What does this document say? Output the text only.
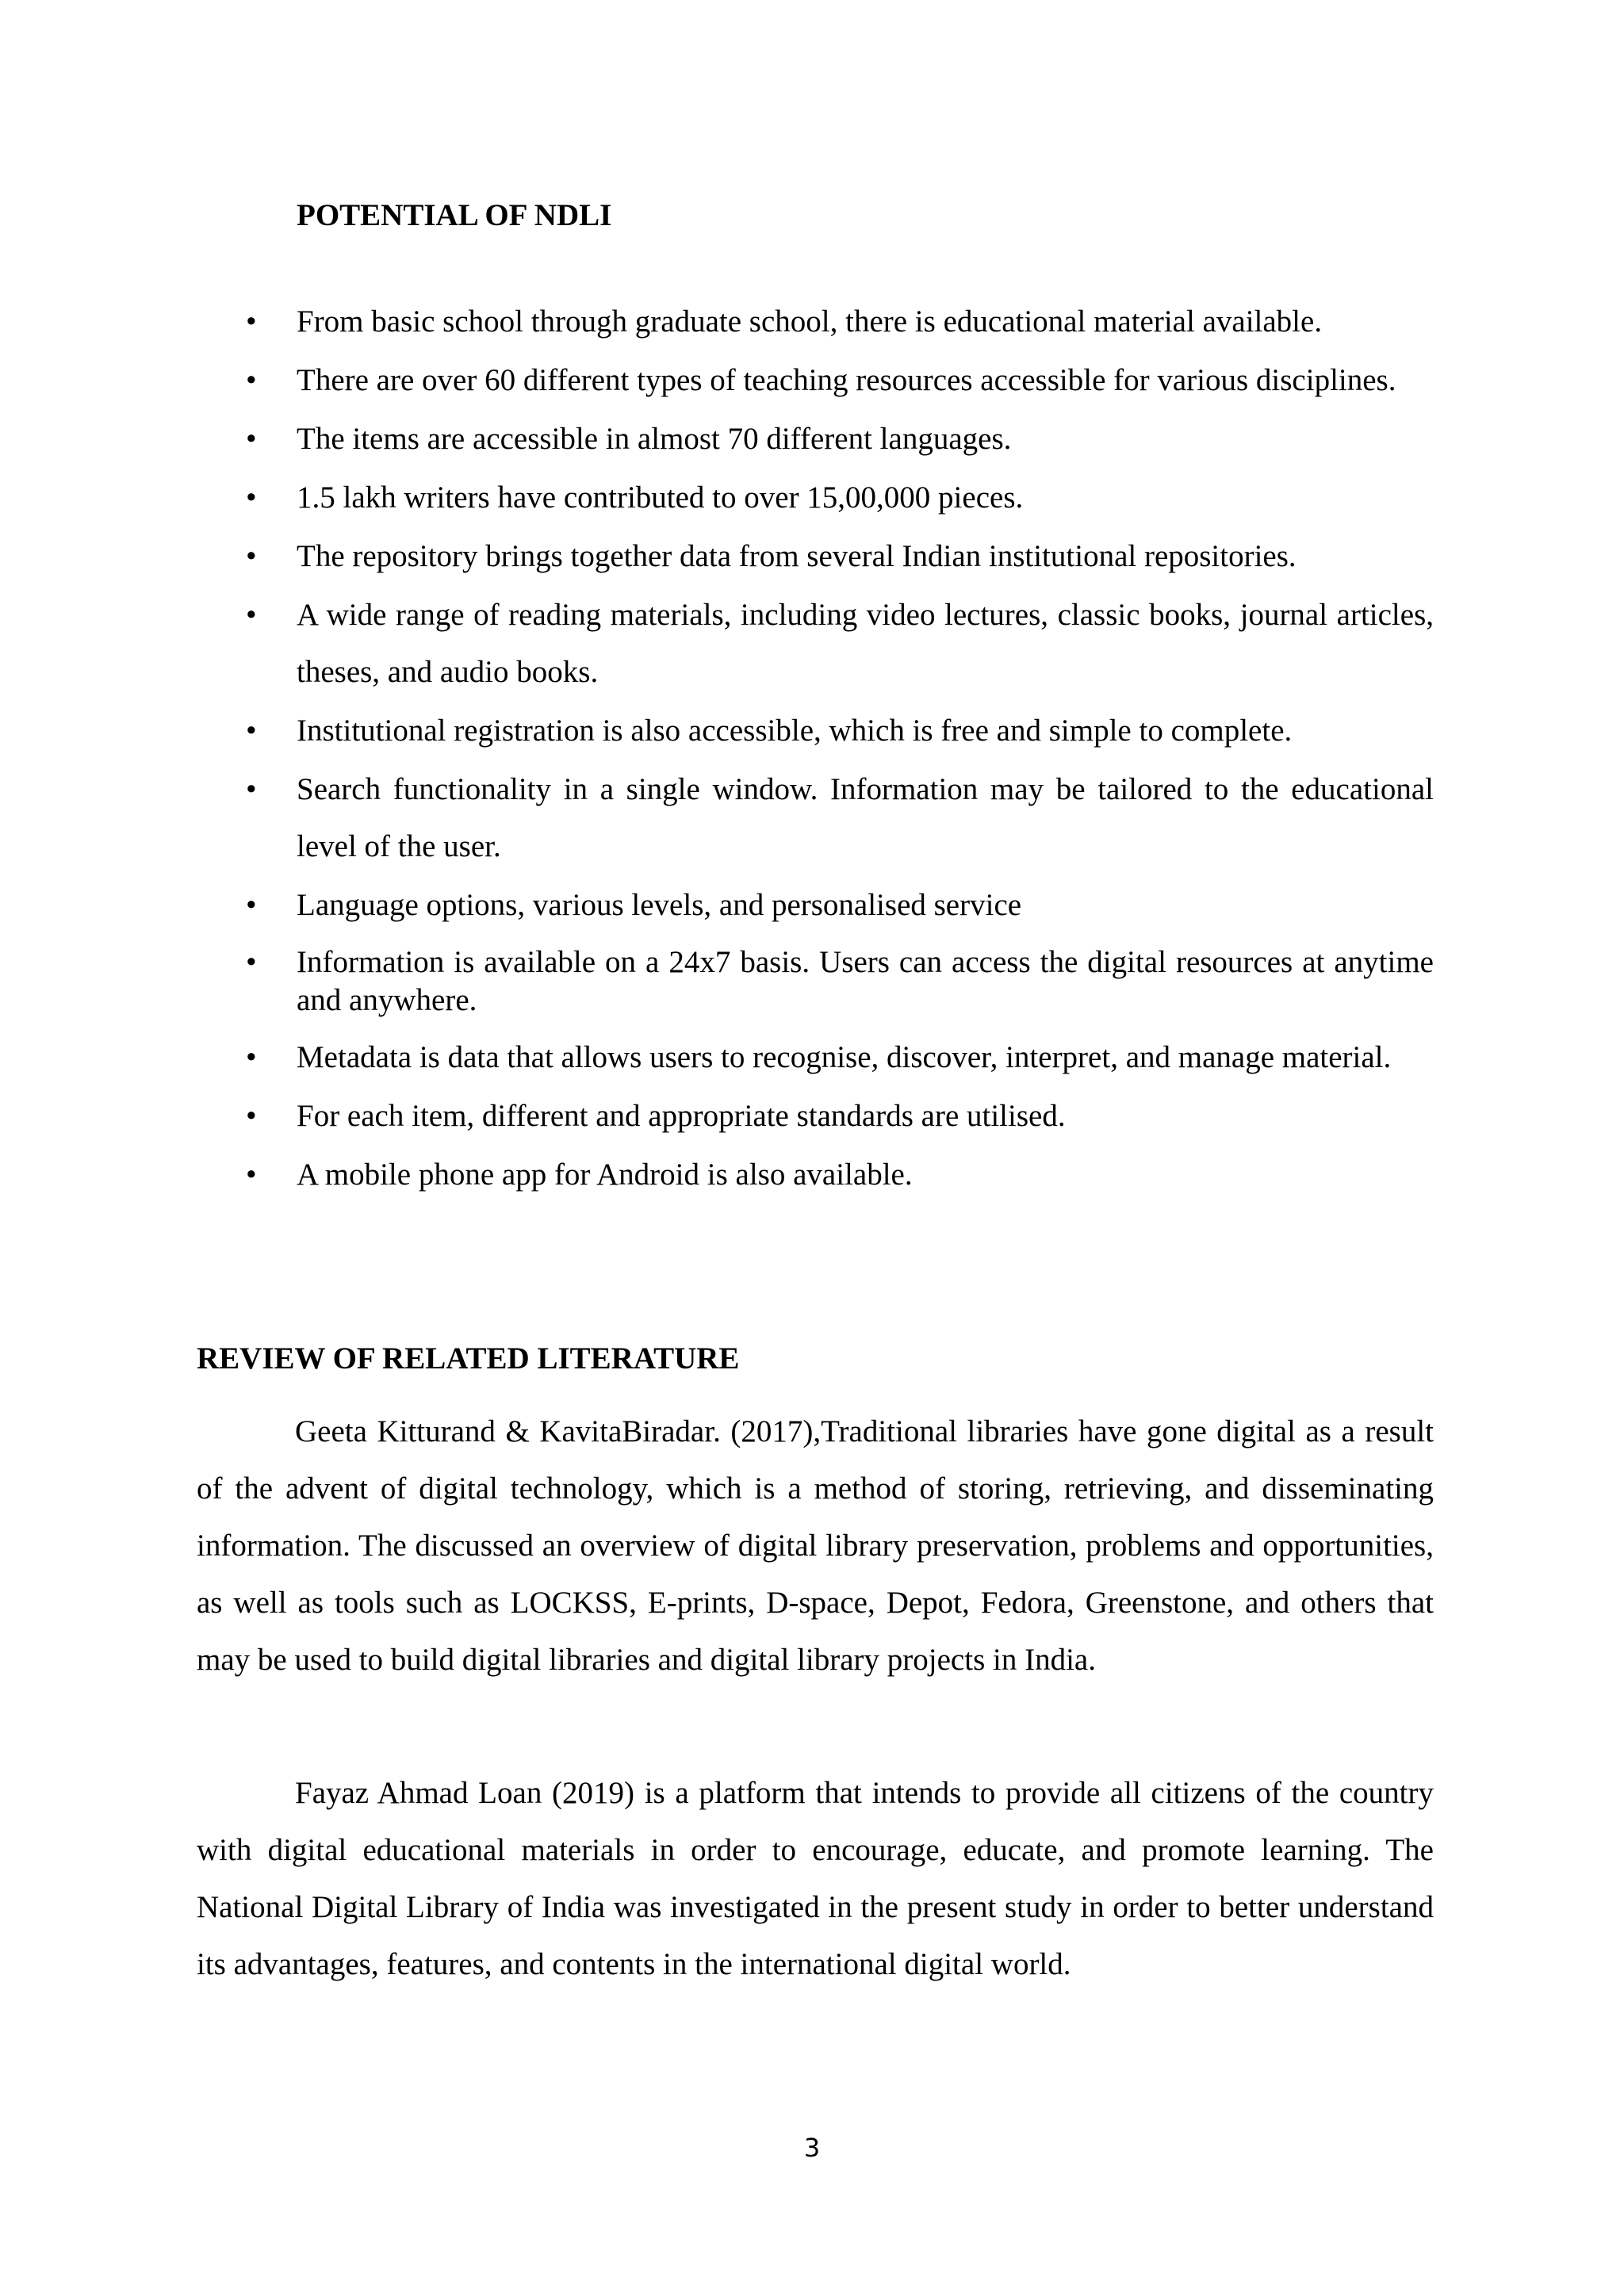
POTENTIAL OF NDLI
• From basic school through graduate school, there is educational material available.
• There are over 60 different types of teaching resources accessible for various disciplines.
• The items are accessible in almost 70 different languages.
• 1.5 lakh writers have contributed to over 15,00,000 pieces.
• The repository brings together data from several Indian institutional repositories.
• A wide range of reading materials, including video lectures, classic books, journal articles, theses, and audio books.
• Institutional registration is also accessible, which is free and simple to complete.
• Search functionality in a single window. Information may be tailored to the educational level of the user.
• Language options, various levels, and personalised service
• Information is available on a 24x7 basis. Users can access the digital resources at anytime and anywhere.
• Metadata is data that allows users to recognise, discover, interpret, and manage material.
• For each item, different and appropriate standards are utilised.
• A mobile phone app for Android is also available.
REVIEW OF RELATED LITERATURE

Geeta Kitturand & KavitaBiradar. (2017),Traditional libraries have gone digital as a result of the advent of digital technology, which is a method of storing, retrieving, and disseminating information. The discussed an overview of digital library preservation, problems and opportunities, as well as tools such as LOCKSS, E-prints, D-space, Depot, Fedora, Greenstone, and others that may be used to build digital libraries and digital library projects in India.

Fayaz Ahmad Loan (2019) is a platform that intends to provide all citizens of the country with digital educational materials in order to encourage, educate, and promote learning. The National Digital Library of India was investigated in the present study in order to better understand its advantages, features, and contents in the international digital world.

3
